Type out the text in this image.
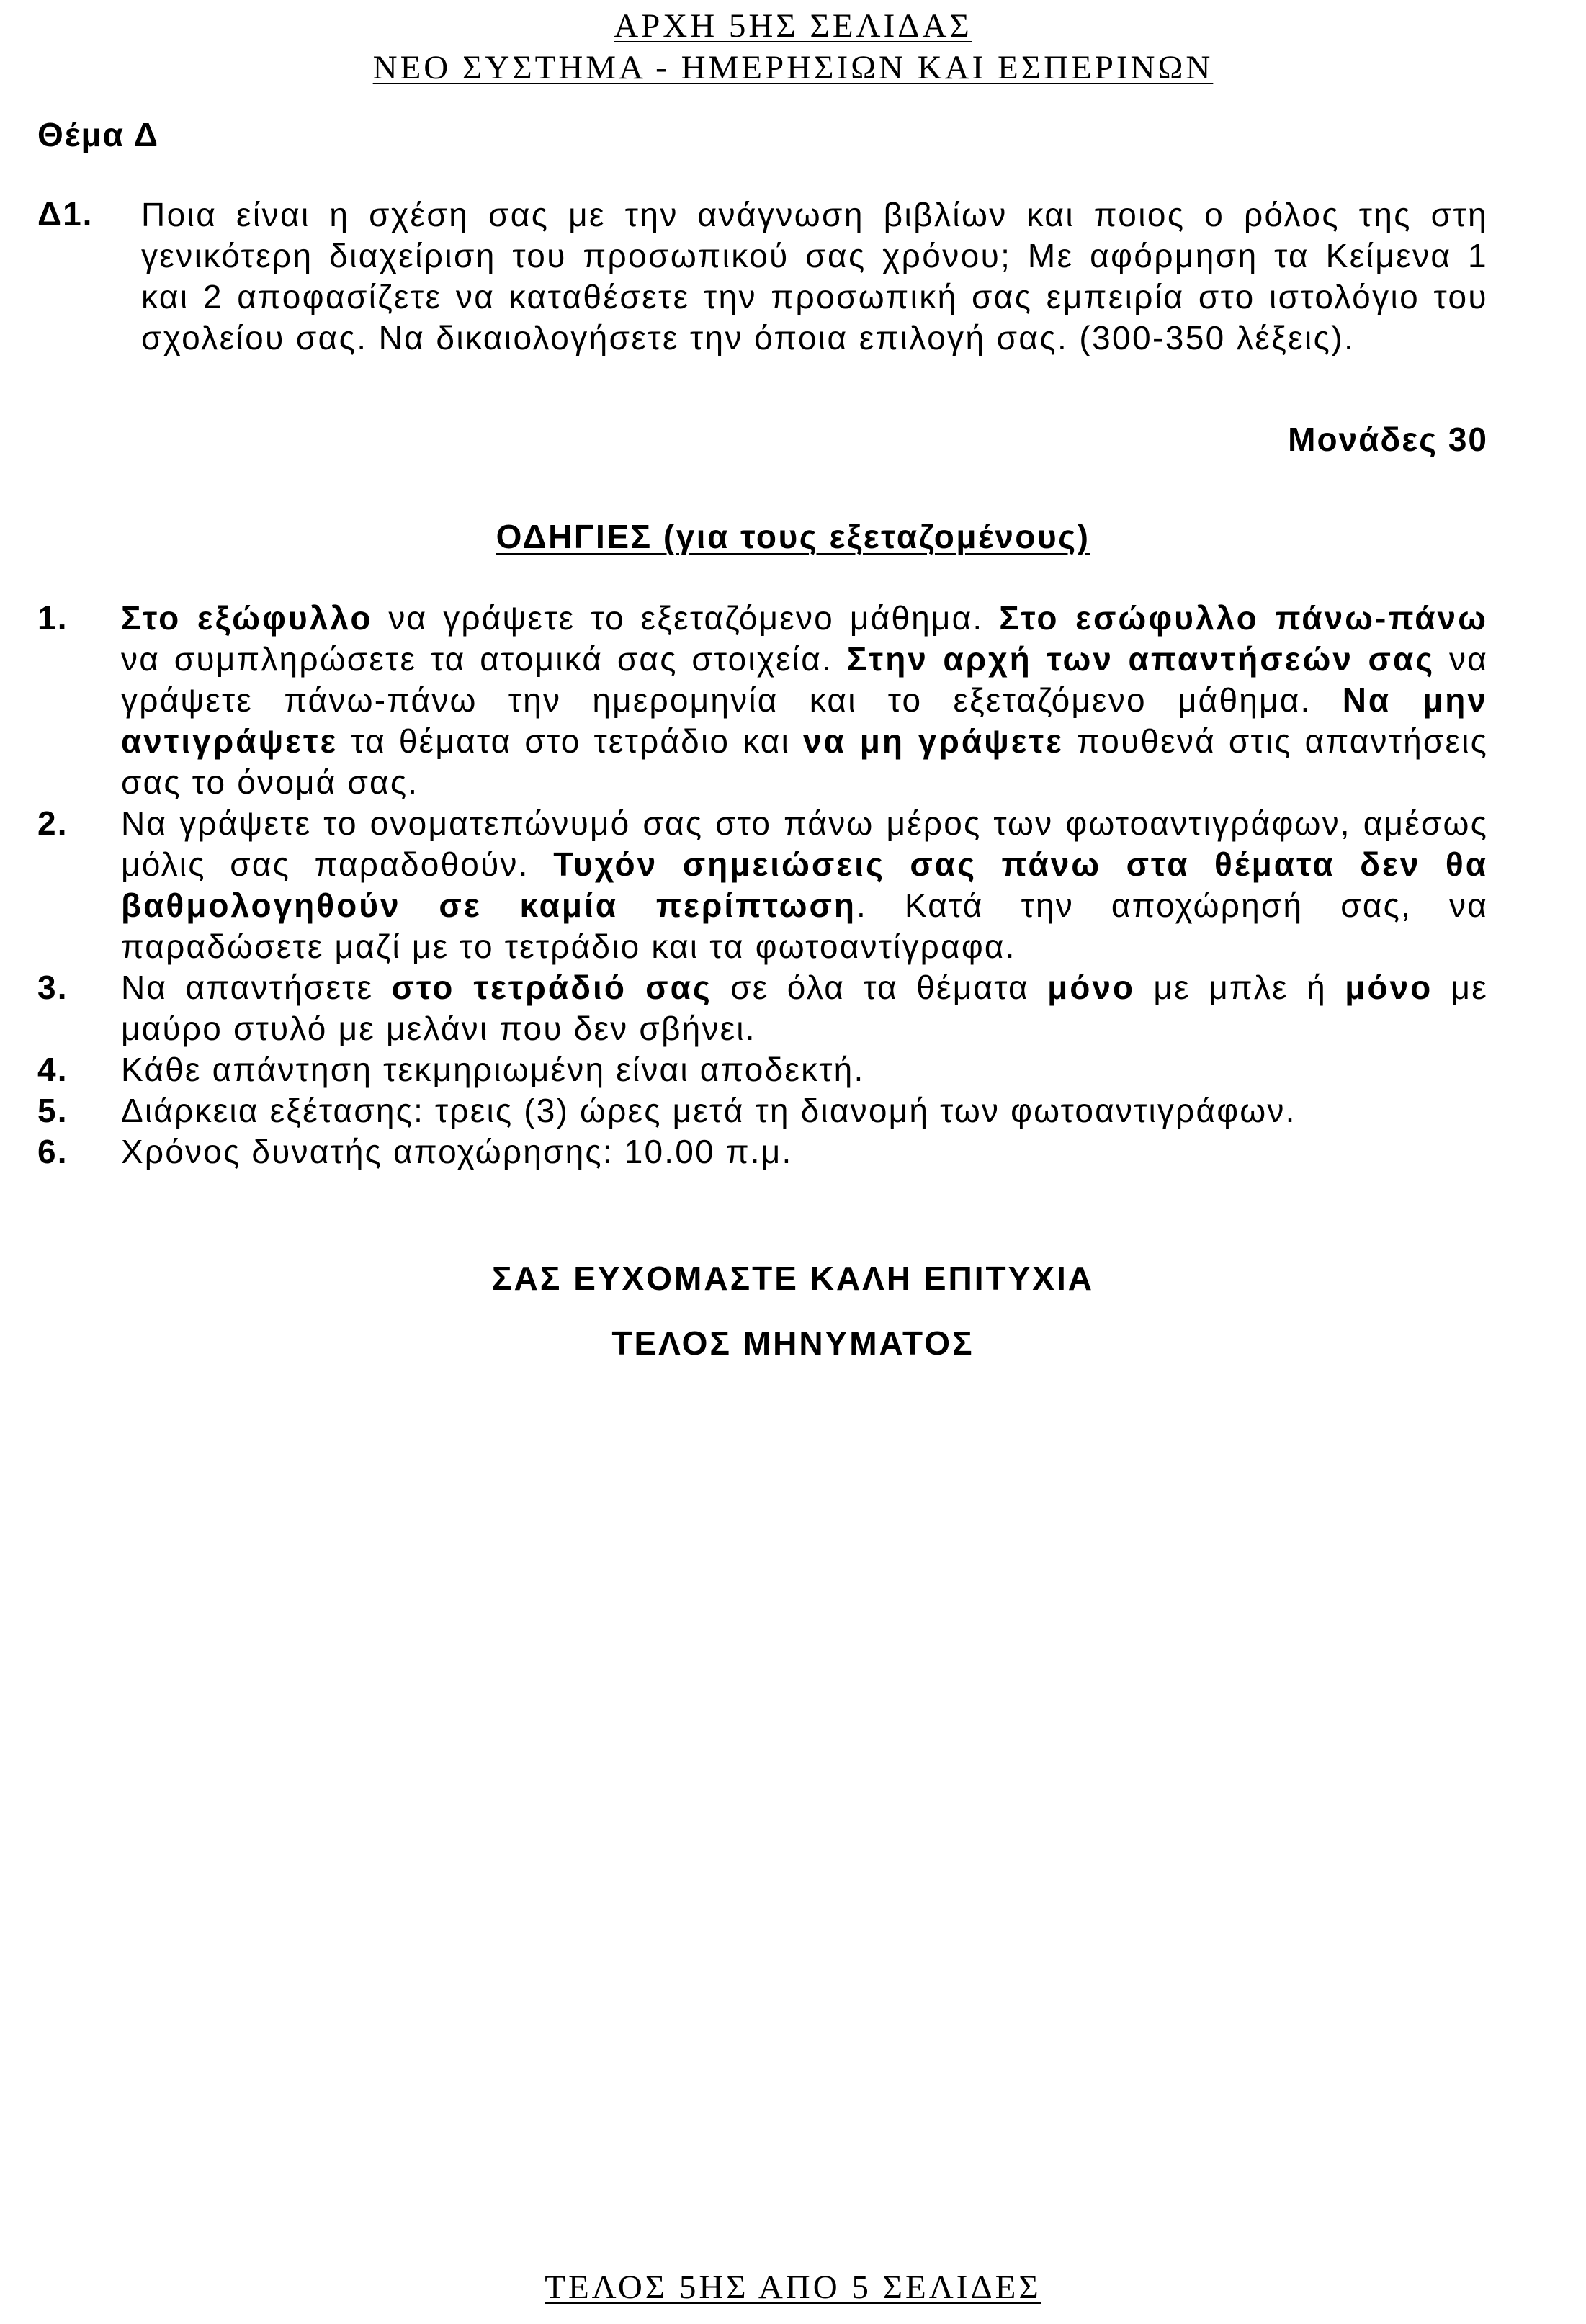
ΑΡΧΗ 5ΗΣ ΣΕΛΙΔΑΣ
ΝΕΟ ΣΥΣΤΗΜΑ - ΗΜΕΡΗΣΙΩΝ ΚΑΙ ΕΣΠΕΡΙΝΩΝ
Θέμα Δ
Δ1. Ποια είναι η σχέση σας με την ανάγνωση βιβλίων και ποιος ο ρόλος της στη γενικότερη διαχείριση του προσωπικού σας χρόνου; Με αφόρμηση τα Κείμενα 1 και 2 αποφασίζετε να καταθέσετε την προσωπική σας εμπειρία στο ιστολόγιο του σχολείου σας. Να δικαιολογήσετε την όποια επιλογή σας. (300-350 λέξεις).
Μονάδες 30
ΟΔΗΓΙΕΣ (για τους εξεταζομένους)
1.	Στο εξώφυλλο να γράψετε το εξεταζόμενο μάθημα. Στο εσώφυλλο πάνω-πάνω να συμπληρώσετε τα ατομικά σας στοιχεία. Στην αρχή των απαντήσεών σας να γράψετε πάνω-πάνω την ημερομηνία και το εξεταζόμενο μάθημα. Να μην αντιγράψετε τα θέματα στο τετράδιο και να μη γράψετε πουθενά στις απαντήσεις σας το όνομά σας.
2.	Να γράψετε το ονοματεπώνυμό σας στο πάνω μέρος των φωτοαντιγράφων, αμέσως μόλις σας παραδοθούν. Τυχόν σημειώσεις σας πάνω στα θέματα δεν θα βαθμολογηθούν σε καμία περίπτωση. Κατά την αποχώρησή σας, να παραδώσετε μαζί με το τετράδιο και τα φωτοαντίγραφα.
3.	Να απαντήσετε στο τετράδιό σας σε όλα τα θέματα μόνο με μπλε ή μόνο με μαύρο στυλό με μελάνι που δεν σβήνει.
4.	Κάθε απάντηση τεκμηριωμένη είναι αποδεκτή.
5.	Διάρκεια εξέτασης: τρεις (3) ώρες μετά τη διανομή των φωτοαντιγράφων.
6.	Χρόνος δυνατής αποχώρησης: 10.00 π.μ.
ΣΑΣ ΕΥΧΟΜΑΣΤΕ ΚΑΛΗ ΕΠΙΤΥΧΙΑ
ΤΕΛΟΣ ΜΗΝΥΜΑΤΟΣ
ΤΕΛΟΣ 5ΗΣ ΑΠΟ 5 ΣΕΛΙΔΕΣ
